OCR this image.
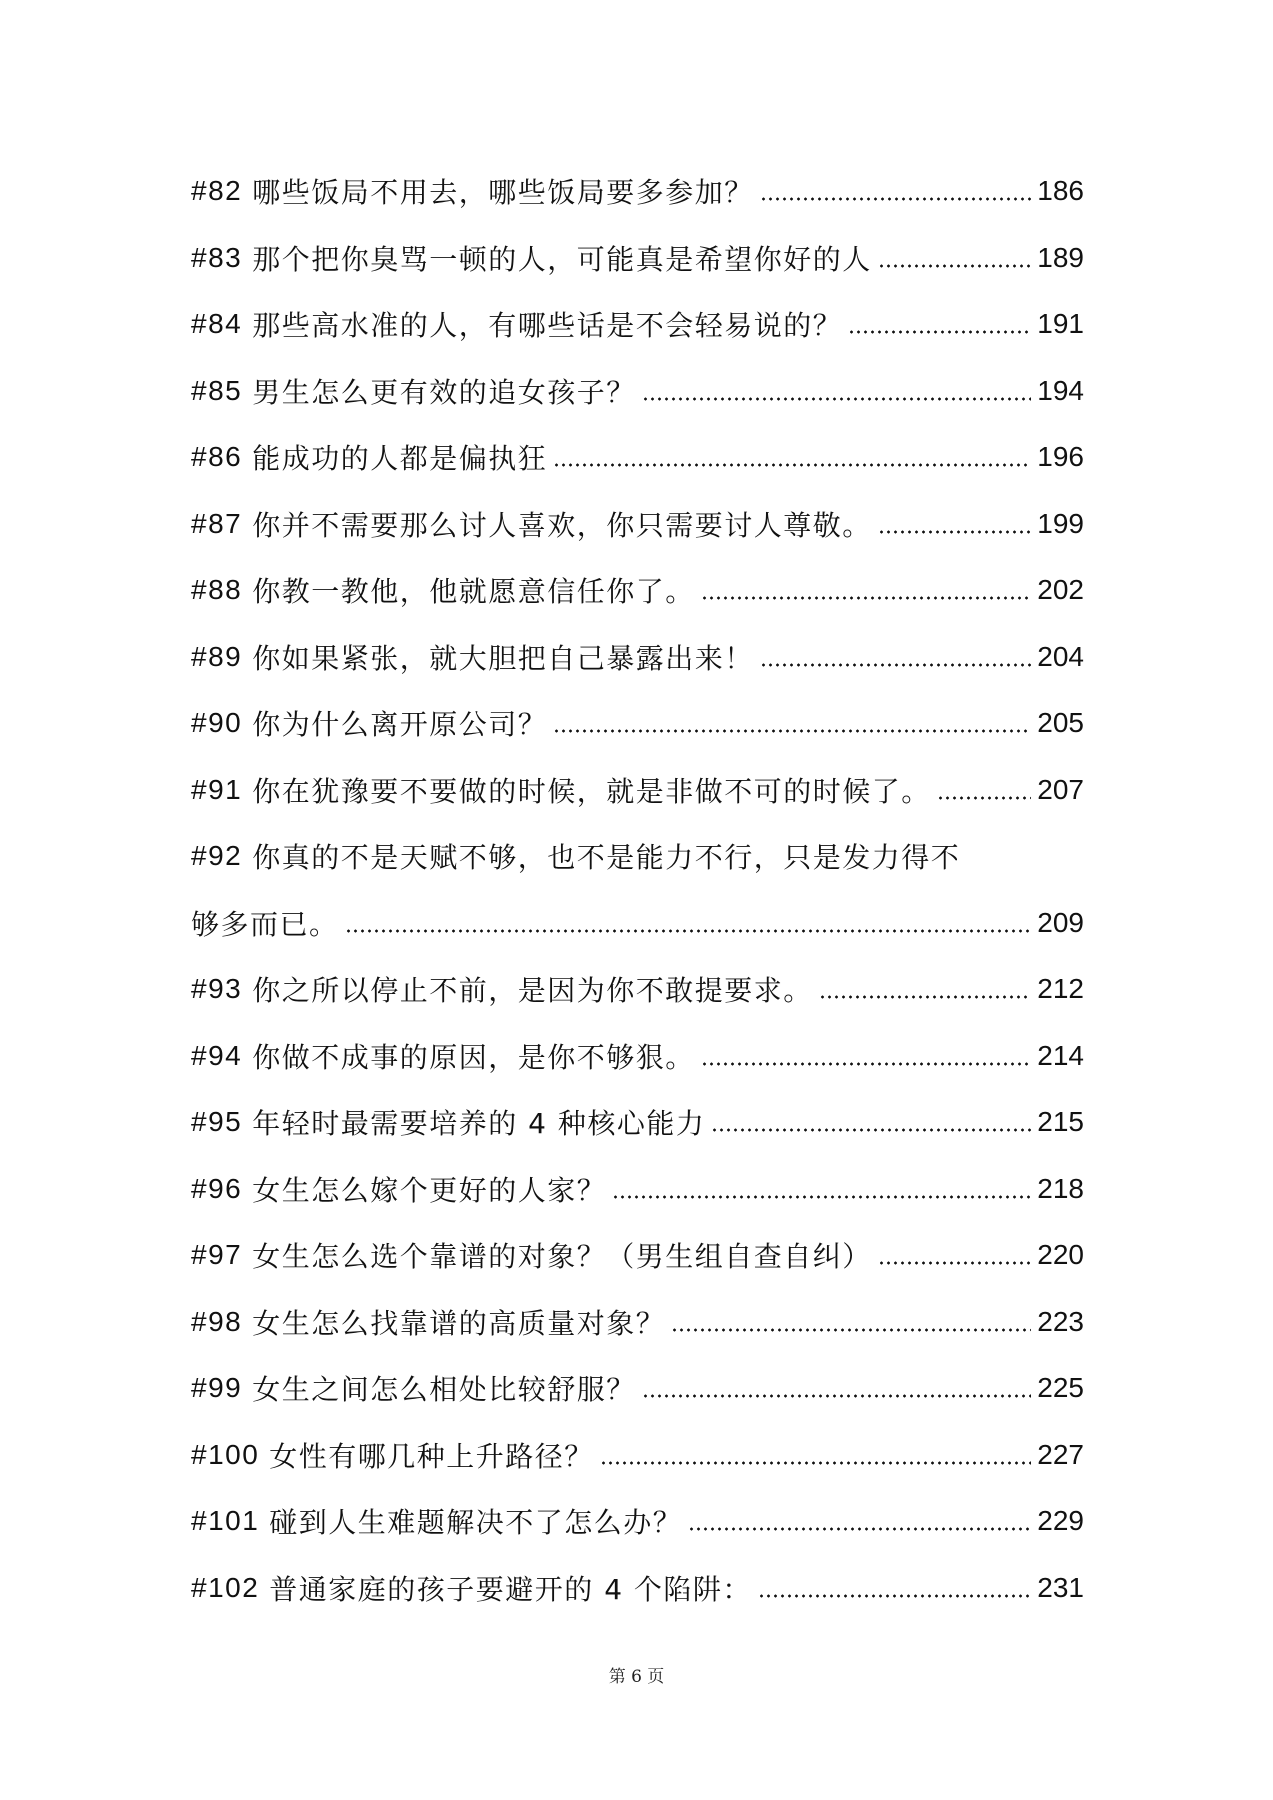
#82 哪些饭局不用去，哪些饭局要多参加？	186
#83 那个把你臭骂一顿的人，可能真是希望你好的人	189
#84 那些高水准的人，有哪些话是不会轻易说的？	191
#85 男生怎么更有效的追女孩子？	194
#86 能成功的人都是偏执狂	196
#87 你并不需要那么讨人喜欢，你只需要讨人尊敬。	199
#88 你教一教他，他就愿意信任你了。	202
#89 你如果紧张，就大胆把自己暴露出来！	204
#90 你为什么离开原公司？	205
#91 你在犹豫要不要做的时候，就是非做不可的时候了。	207
#92 你真的不是天赋不够，也不是能力不行，只是发力得不
够多而已。	209
#93 你之所以停止不前，是因为你不敢提要求。	212
#94 你做不成事的原因，是你不够狠。	214
#95 年轻时最需要培养的 4 种核心能力	215
#96 女生怎么嫁个更好的人家？	218
#97 女生怎么选个靠谱的对象？（男生组自查自纠）	220
#98 女生怎么找靠谱的高质量对象？	223
#99 女生之间怎么相处比较舒服？	225
#100 女性有哪几种上升路径？	227
#101 碰到人生难题解决不了怎么办？	229
#102 普通家庭的孩子要避开的 4 个陷阱：	231
第 6 页
